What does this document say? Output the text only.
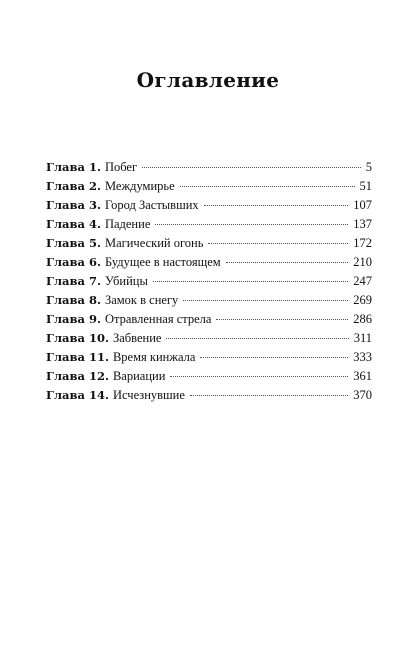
Оглавление
Глава 1. Побег	5
Глава 2. Междумирье	51
Глава 3. Город Застывших	107
Глава 4. Падение	137
Глава 5. Магический огонь	172
Глава 6. Будущее в настоящем	210
Глава 7. Убийцы	247
Глава 8. Замок в снегу	269
Глава 9. Отравленная стрела	286
Глава 10. Забвение	311
Глава 11. Время кинжала	333
Глава 12. Вариации	361
Глава 14. Исчезнувшие	370
